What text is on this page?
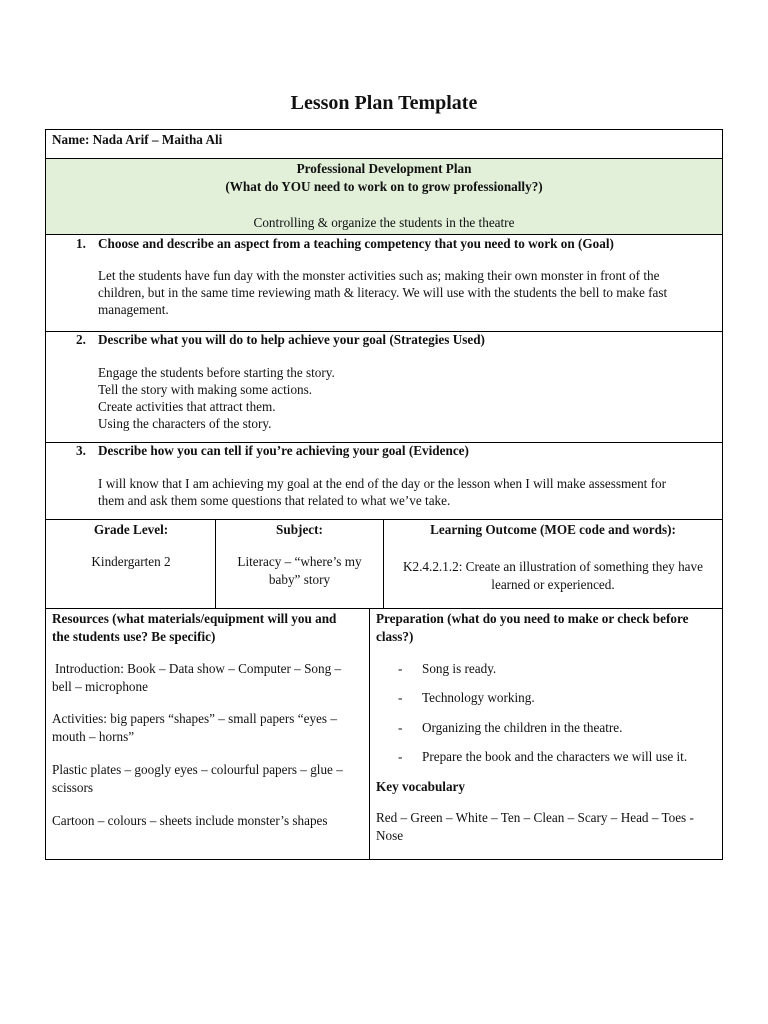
Lesson Plan Template
Name: Nada Arif – Maitha Ali

Professional Development Plan

(What do YOU need to work on to grow professionally?)

Controlling & organize the students in the theatre

1. Choose and describe an aspect from a teaching competency that you need to work on (Goal)

Let the students have fun day with the monster activities such as; making their own monster in front of the

children, but in the same time reviewing math & literacy. We will use with the students the bell to make fast

management.

2. Describe what you will do to help achieve your goal (Strategies Used)

Engage the students before starting the story.

Tell the story with making some actions.

Create activities that attract them.

Using the characters of the story.

3. Describe how you can tell if you’re achieving your goal (Evidence)

I will know that I am achieving my goal at the end of the day or the lesson when I will make assessment for

them and ask them some questions that related to what we’ve take.

Grade Level:

Kindergarten 2

Subject:

Literacy – “where’s my

baby” story

Learning Outcome (MOE code and words):

K2.4.2.1.2: Create an illustration of something they have

learned or experienced.

Resources (what materials/equipment will you and

the students use? Be specific)

Introduction: Book – Data show – Computer – Song –

bell – microphone

Activities: big papers “shapes” – small papers “eyes –

mouth – horns”

Plastic plates – googly eyes – colourful papers – glue –

scissors

Cartoon – colours – sheets include monster’s shapes

Preparation (what do you need to make or check before

class?)

- Song is ready.
- Technology working.
- Organizing the children in the theatre.
- Prepare the book and the characters we will use it.

Key vocabulary

Red – Green – White – Ten – Clean – Scary – Head – Toes -

Nose
